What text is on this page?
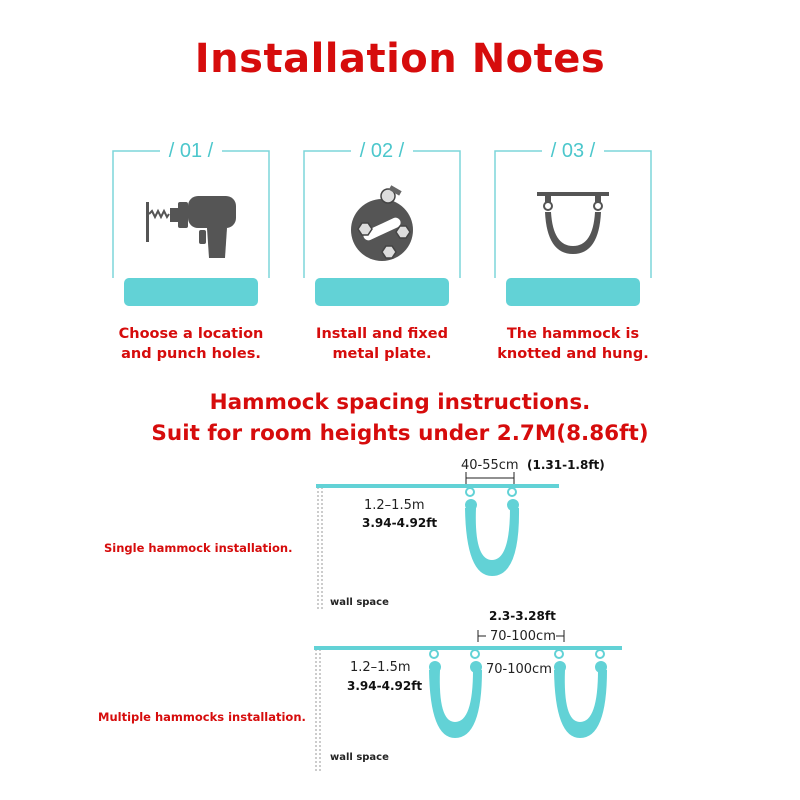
Installation Notes
/ 01 /	/ 02 /	/ 03 /
Choose a location
and punch holes.
Install and fixed
metal plate.
The hammock is
knotted and hung.
Hammock spacing instructions.
Suit for room heights under 2.7M(8.86ft)
Single hammock installation.
Multiple hammocks installation.
40-55cm (1.31-1.8ft)
1.2–1.5m
3.94-4.92ft
wall space
2.3-3.28ft
70-100cm
70-100cm
1.2–1.5m
3.94-4.92ft
wall space
